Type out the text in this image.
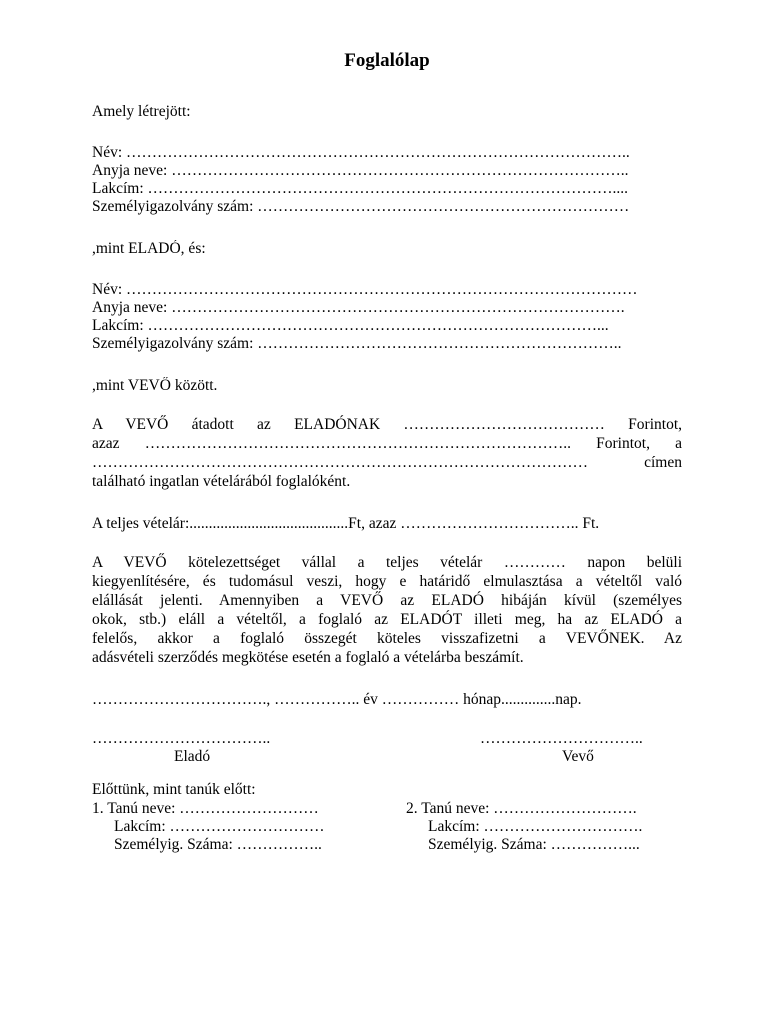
Foglalólap
Amely létrejött:
Név: ……………………………………………………………………………………..
Anyja neve: ……………………………………………………………………………..
Lakcím: ………………………………………………………………………………....
Személyigazolvány szám: ………………………………………………………………
,mint ELADÓ, és:
Név: ………………………………………………………………………………………
Anyja neve: …………………………………………………………………………….
Lakcím: ……………………………………………………………………………...
Személyigazolvány szám: ……………………………………………………………..
,mint VEVŐ között.

A VEVŐ átadott az ELADÓNAK ………………………………… Forintot,

azaz ……………………………………………………………………….. Forintot, a

…………………………………………………………………………………… címen

található ingatlan vételárából foglalóként.

A teljes vételár:.........................................Ft, azaz …………………………….. Ft.

A VEVŐ kötelezettséget vállal a teljes vételár ………… napon belüli

kiegyenlítésére, és tudomásul veszi, hogy e határidő elmulasztása a vételtől való

elállását jelenti. Amennyiben a VEVŐ az ELADÓ hibáján kívül (személyes

okok, stb.) eláll a vételtől, a foglaló az ELADÓT illeti meg, ha az ELADÓ a

felelős, akkor a foglaló összegét köteles visszafizetni a VEVŐNEK. Az

adásvételi szerződés megkötése esetén a foglaló a vételárba beszámít.

……………………………., …………….. év …………… hónap..............nap.
……………………………..	…………………………..
Eladó	Vevő
Előttünk, mint tanúk előtt:
1. Tanú neve: ………………………
Lakcím: …………………………
Személyig. Száma: ……………..
2. Tanú neve: ……………………….
Lakcím: ………………………….
Személyig. Száma: ……………...
